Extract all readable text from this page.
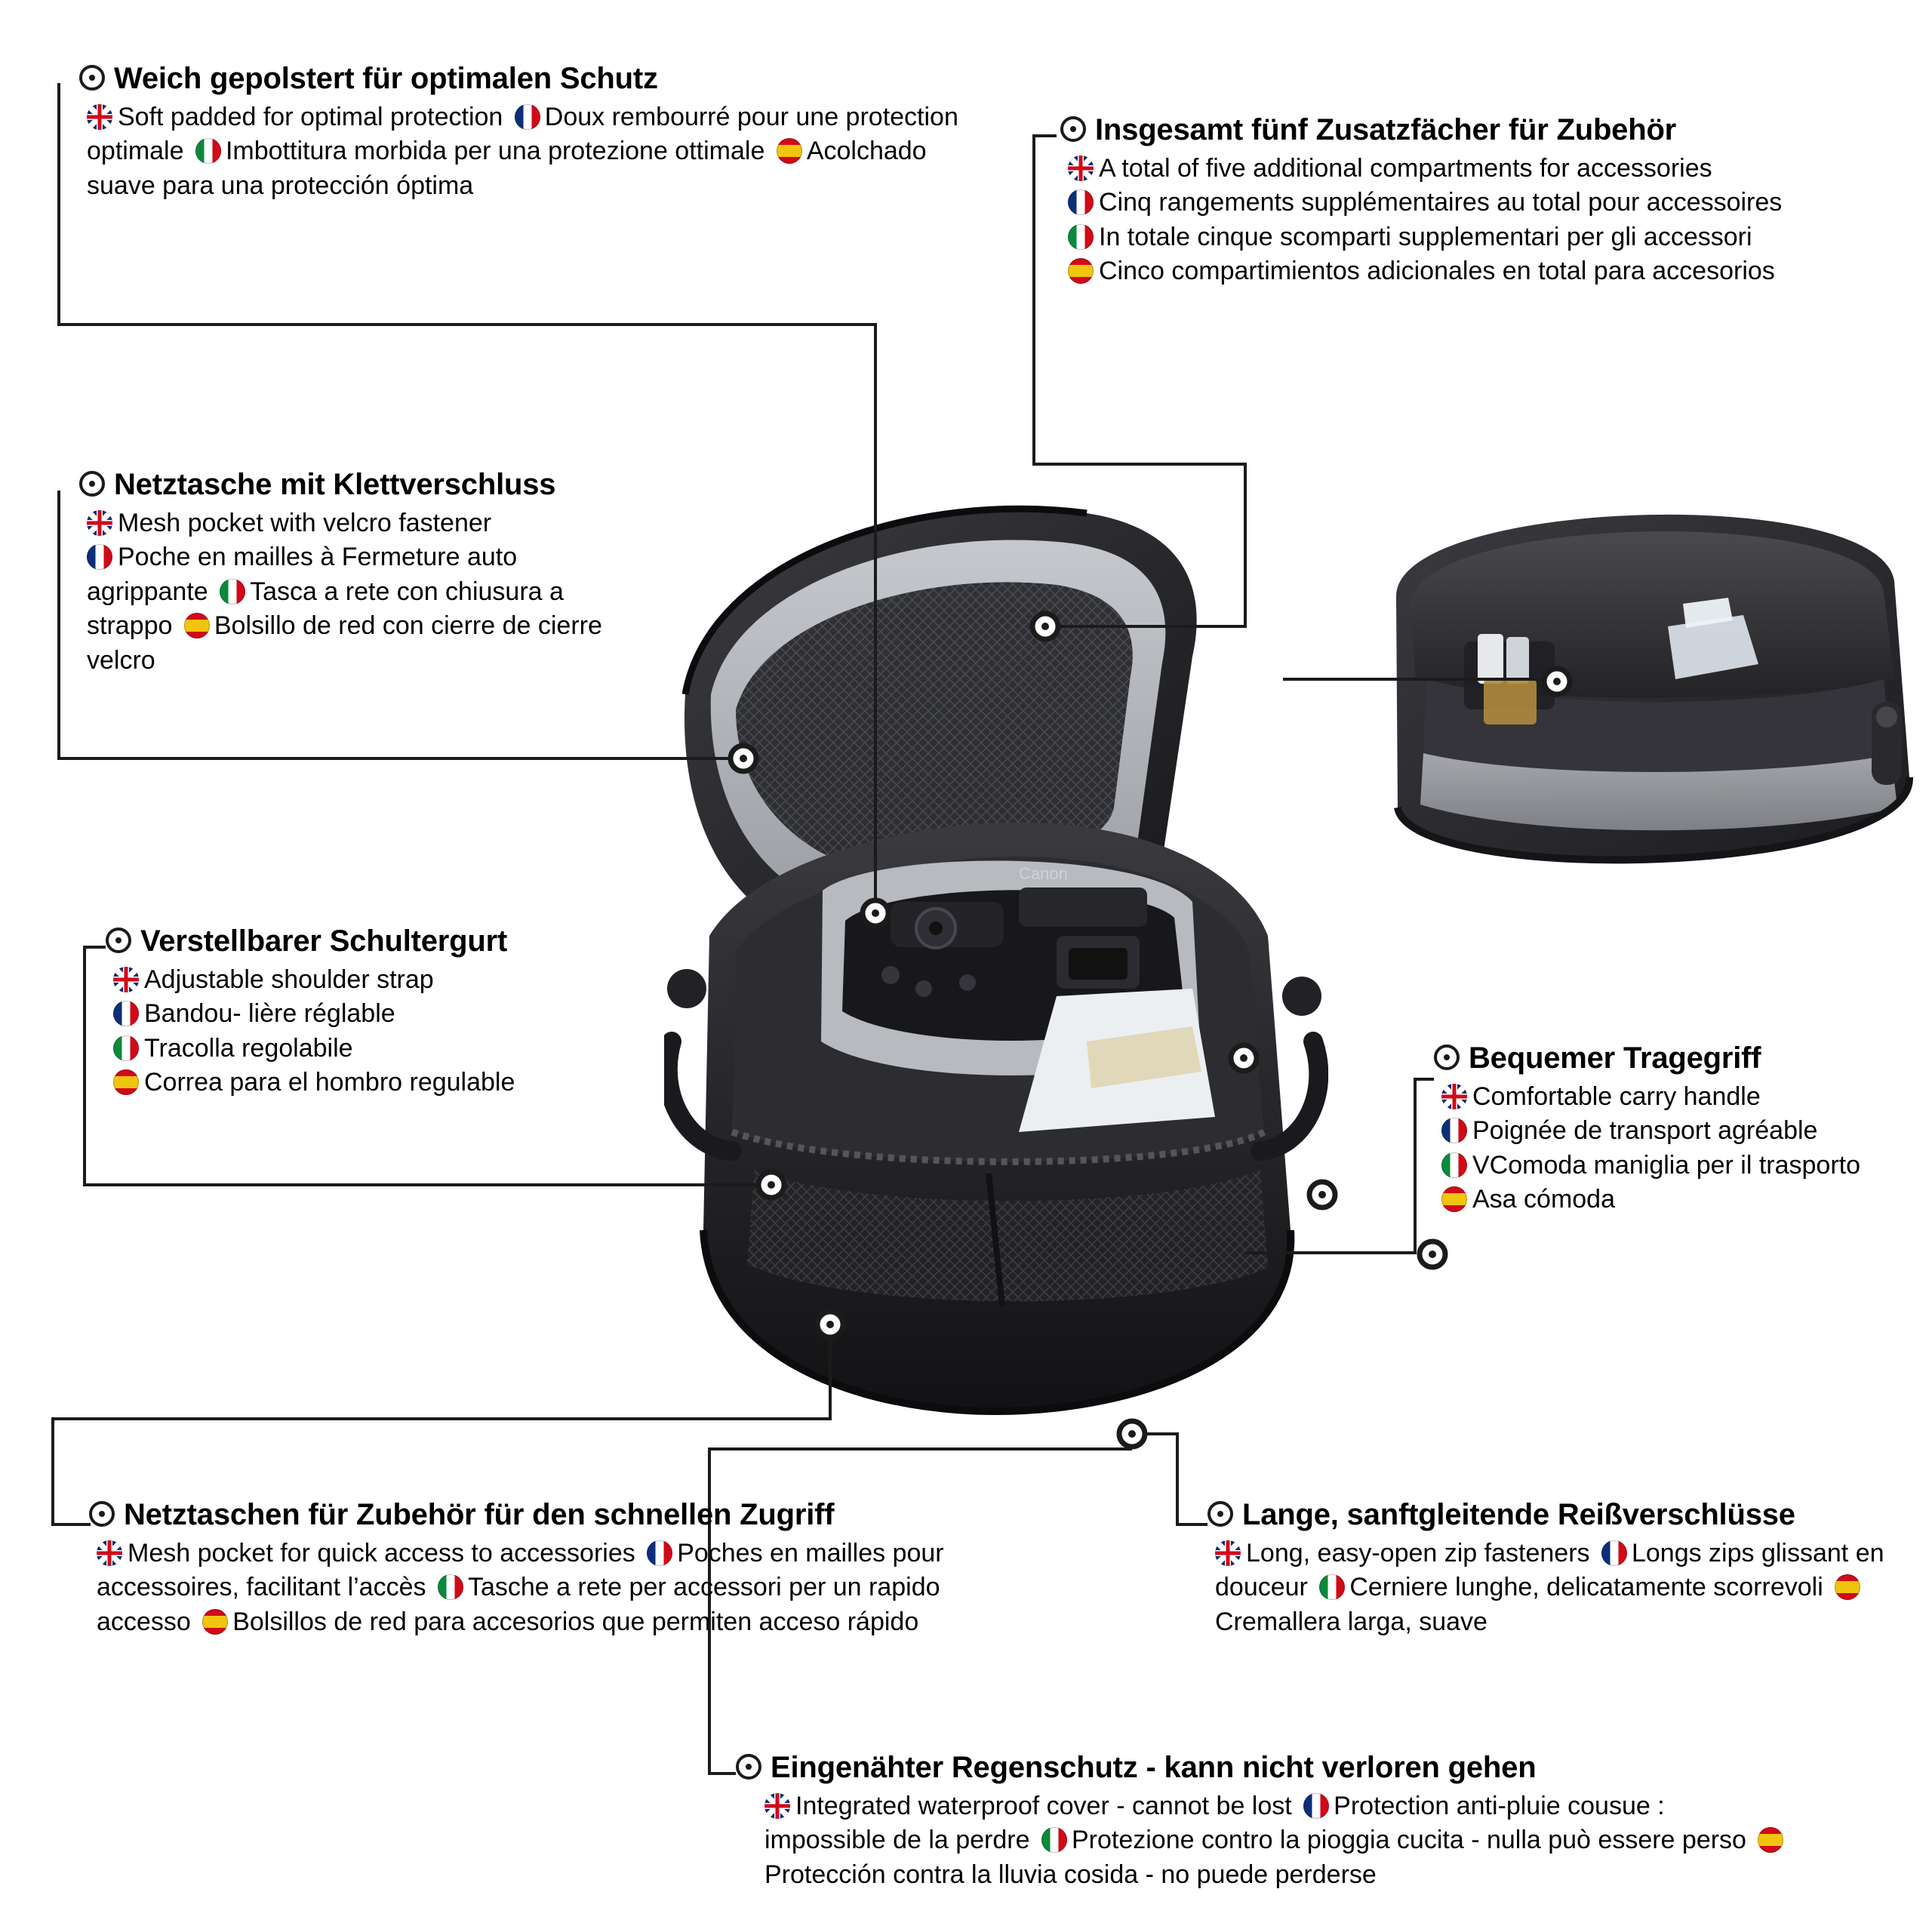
Canon
Weich gepolstert für optimalen Schutz
Soft padded for optimal protection Doux rembourré pour une protection optimale Imbottitura morbida per una protezione ottimale Acolchado suave para una protección óptima
Insgesamt fünf Zusatzfächer für Zubehör
A total of five additional compartments for accessories
Cinq rangements supplémentaires au total pour accessoires
In totale cinque scomparti supplementari per gli accessori
Cinco compartimientos adicionales en total para accesorios
Netztasche mit Klettverschluss
Mesh pocket with velcro fastener
Poche en mailles à Fermeture auto agrippante Tasca a rete con chiusura a strappo Bolsillo de red con cierre de cierre velcro
Verstellbarer Schultergurt
Adjustable shoulder strap
Bandou- lière réglable
Tracolla regolabile
Correa para el hombro regulable
Bequemer Tragegriff
Comfortable carry handle
Poignée de transport agréable
VComoda maniglia per il trasporto
Asa cómoda
Netztaschen für Zubehör für den schnellen Zugriff
Mesh pocket for quick access to accessories Poches en mailles pour accessoires, facilitant l’accès Tasche a rete per accessori per un rapido accesso Bolsillos de red para accesorios que permiten acceso rápido
Lange, sanftgleitende Reißverschlüsse
Long, easy-open zip fasteners Longs zips glissant en douceur Cerniere lunghe, delicatamente scorrevoli Cremallera larga, suave
Eingenähter Regenschutz - kann nicht verloren gehen
Integrated waterproof cover - cannot be lost Protection anti-pluie cousue : impossible de la perdre Protezione contro la pioggia cucita - nulla può essere perso Protección contra la lluvia cosida - no puede perderse
